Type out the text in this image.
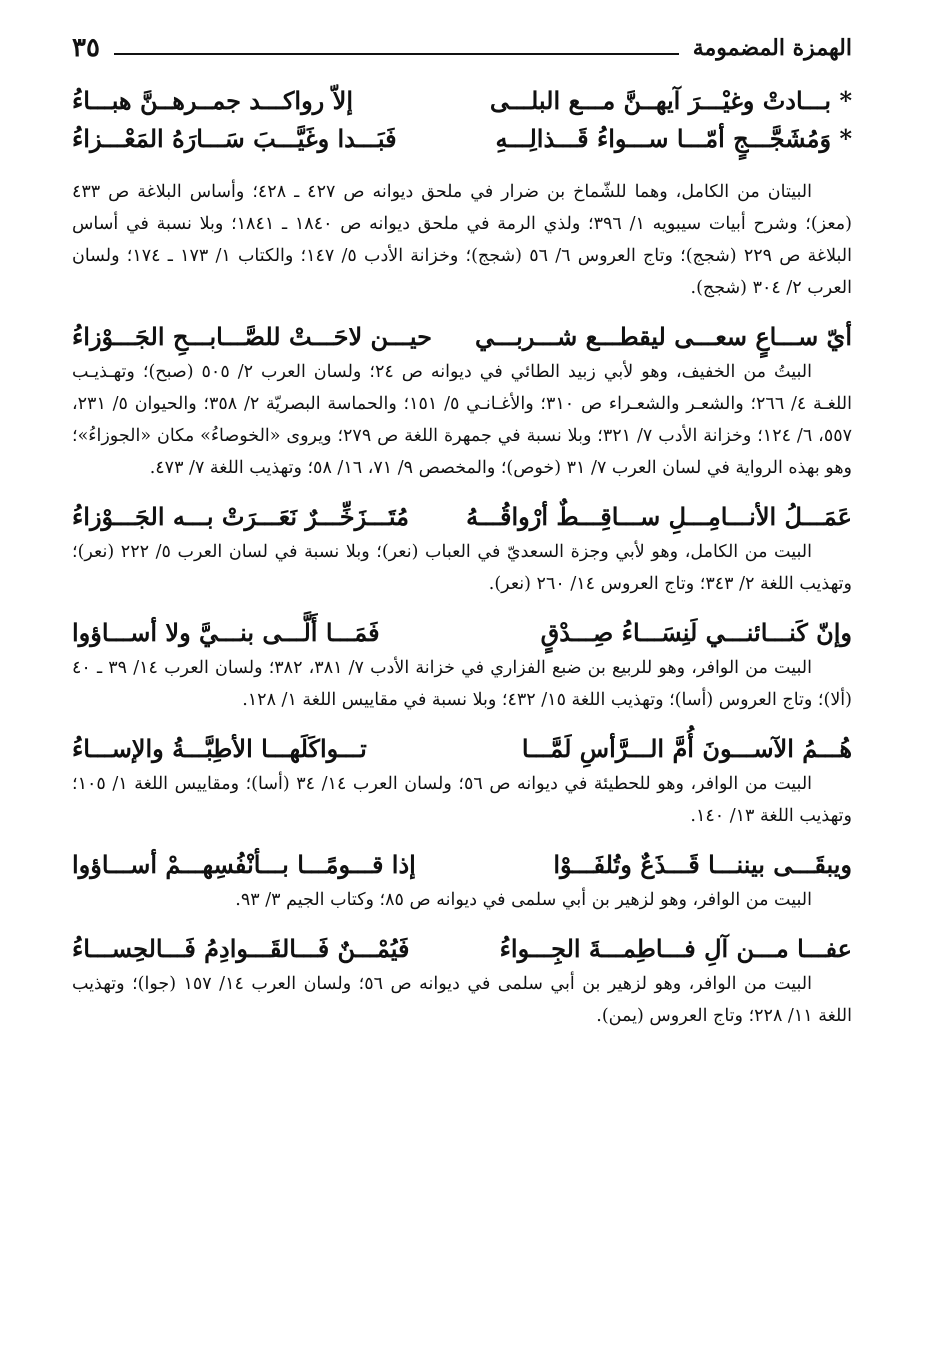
الهمزة المضمومة
٣٥
* بـــادتْ وغيْـــرَ آيهــنَّ مـــع البلـــى
إلاّ رواكـــد جمــرهــنَّ هبـــاءُ
* وَمُشَجَّـــجٍ أمّـــا ســـواءُ قَـــذالِـــهِ
فَبَـــدا وغَيَّـــبَ سَـــارَهُ المَعْـــزاءُ

البيتان من الكامل، وهما للشّماخ بن ضرار في ملحق ديوانه ص ٤٢٧ ـ ٤٢٨؛ وأساس البلاغة ص ٤٣٣ (معز)؛ وشرح أبيات سيبويه ١/ ٣٩٦؛ ولذي الرمة في ملحق ديوانه ص ١٨٤٠ ـ ١٨٤١؛ وبلا نسبة في أساس البلاغة ص ٢٢٩ (شجج)؛ وتاج العروس ٦/ ٥٦ (شجج)؛ وخزانة الأدب ٥/ ١٤٧؛ والكتاب ١/ ١٧٣ ـ ١٧٤؛ ولسان العرب ٢/ ٣٠٤ (شجج).

أيّ ســـاعٍ سعـــى ليقطـــع شـــربـــي
حيـــن لاحَـــتْ للصَّـــابـــحِ الجَـــوْزاءُ

البيتُ من الخفيف، وهو لأبي زبيد الطائي في ديوانه ص ٢٤؛ ولسان العرب ٢/ ٥٠٥ (صبح)؛ وتهـذيـب اللغـة ٤/ ٢٦٦؛ والشعـر والشعـراء ص ٣١٠؛ والأغـانـي ٥/ ١٥١؛ والحماسة البصريّة ٢/ ٣٥٨؛ والحيوان ٥/ ٢٣١، ٥٥٧، ٦/ ١٢٤؛ وخزانة الأدب ٧/ ٣٢١؛ وبلا نسبة في جمهرة اللغة ص ٢٧٩؛ ويروى «الخوصاءُ» مكان «الجوزاءُ»؛ وهو بهذه الرواية في لسان العرب ٧/ ٣١ (خوص)؛ والمخصص ٩/ ٧١، ١٦/ ٥٨؛ وتهذيب اللغة ٧/ ٤٧٣.

عَمَـــلُ الأنـــامِـــلِ ســـاقِـــطٌ أرْواقُـــهُ
مُتَـــزَخِّـــرٌ نَعَـــرَتْ بـــه الجَـــوْزاءُ

البيت من الكامل، وهو لأبي وجزة السعديّ في العباب (نعر)؛ وبلا نسبة في لسان العرب ٥/ ٢٢٢ (نعر)؛ وتهذيب اللغة ٢/ ٣٤٣؛ وتاج العروس ١٤/ ٢٦٠ (نعر).

وإنّ كَنـــائنـــي لَنِسَـــاءُ صِـــدْقٍ
فَمَـــا أَلَّـــى بنـــيَّ ولا أســـاؤوا

البيت من الوافر، وهو للربيع بن ضبع الفزاري في خزانة الأدب ٧/ ٣٨١، ٣٨٢؛ ولسان العرب ١٤/ ٣٩ ـ ٤٠ (ألا)؛ وتاج العروس (أسا)؛ وتهذيب اللغة ١٥/ ٤٣٢؛ وبلا نسبة في مقاييس اللغة ١/ ١٢٨.

هُـــمُ الآســـونَ أُمَّ الـــرَّأسِ لَمَّـــا
تـــواكَلَهـــا الأطِبَّـــةُ والإســـاءُ

البيت من الوافر، وهو للحطيئة في ديوانه ص ٥٦؛ ولسان العرب ١٤/ ٣٤ (أسا)؛ ومقاييس اللغة ١/ ١٠٥؛ وتهذيب اللغة ١٣/ ١٤٠.

ويبقَـــى بيننـــا قَـــذَعٌ وتُلفَـــوْا
إذا قـــومًـــا بـــأنْفُسِهـــمْ أســـاؤوا

البيت من الوافر، وهو لزهير بن أبي سلمى في ديوانه ص ٨٥؛ وكتاب الجيم ٣/ ٩٣.

عفـــا مـــن آلِ فـــاطِمـــةَ الجِـــواءُ
فَيُمْـــنٌ فَـــالقَـــوادِمُ فَـــالحِســـاءُ

البيت من الوافر، وهو لزهير بن أبي سلمى في ديوانه ص ٥٦؛ ولسان العرب ١٤/ ١٥٧ (جوا)؛ وتهذيب اللغة ١١/ ٢٢٨؛ وتاج العروس (يمن).
